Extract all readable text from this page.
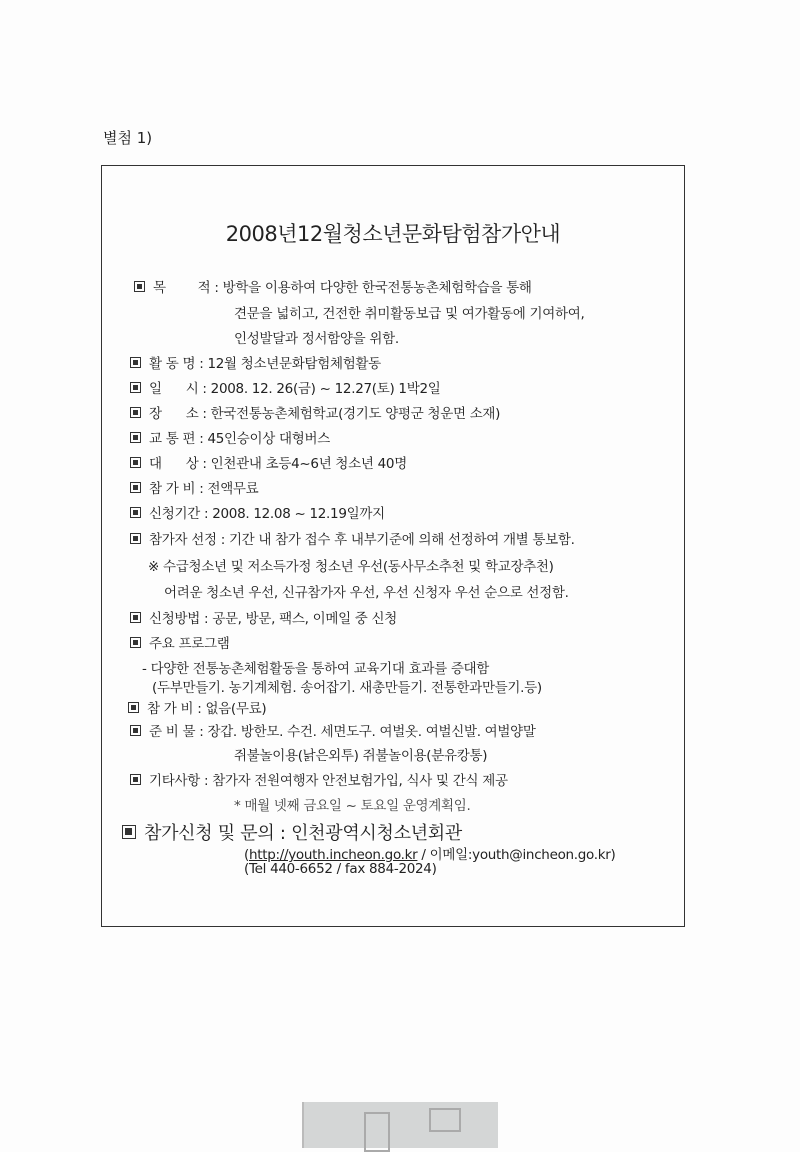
별첨 1)
2008년12월청소년문화탐험참가안내
목        적 : 방학을 이용하여 다양한 한국전통농촌체험학습을 통해
견문을 넓히고, 건전한 취미활동보급 및 여가활동에 기여하여,
인성발달과 정서함양을 위함.
활 동 명 : 12월 청소년문화탐험체험활동
일      시 : 2008. 12. 26(금) ~ 12.27(토) 1박2일
장      소 : 한국전통농촌체험학교(경기도 양평군 청운면 소재)
교 통 편 : 45인승이상 대형버스
대      상 : 인천관내 초등4~6년 청소년 40명
참 가 비 : 전액무료
신청기간 : 2008. 12.08 ~ 12.19일까지
참가자 선정 : 기간 내 참가 접수 후 내부기준에 의해 선정하여 개별 통보함.
※ 수급청소년 및 저소득가정 청소년 우선(동사무소추천 및 학교장추천)
어려운 청소년 우선, 신규참가자 우선, 우선 신청자 우선 순으로 선정함.
신청방법 : 공문, 방문, 팩스, 이메일 중 신청
주요 프로그램
- 다양한 전통농촌체험활동을 통하여 교육기대 효과를 증대함
(두부만들기. 농기계체험. 송어잡기. 새총만들기. 전통한과만들기.등)
참 가 비 : 없음(무료)
준 비 물 : 장갑. 방한모. 수건. 세면도구. 여벌옷. 여벌신발. 여벌양말
쥐불놀이용(낡은외투) 쥐불놀이용(분유캉통)
기타사항 : 참가자 전원여행자 안전보험가입, 식사 및 간식 제공
* 매월 넷째 금요일 ~ 토요일 운영계획임.
참가신청 및 문의 : 인천광역시청소년회관
(http://youth.incheon.go.kr / 이메일:youth@incheon.go.kr)
(Tel 440-6652 / fax 884-2024)
